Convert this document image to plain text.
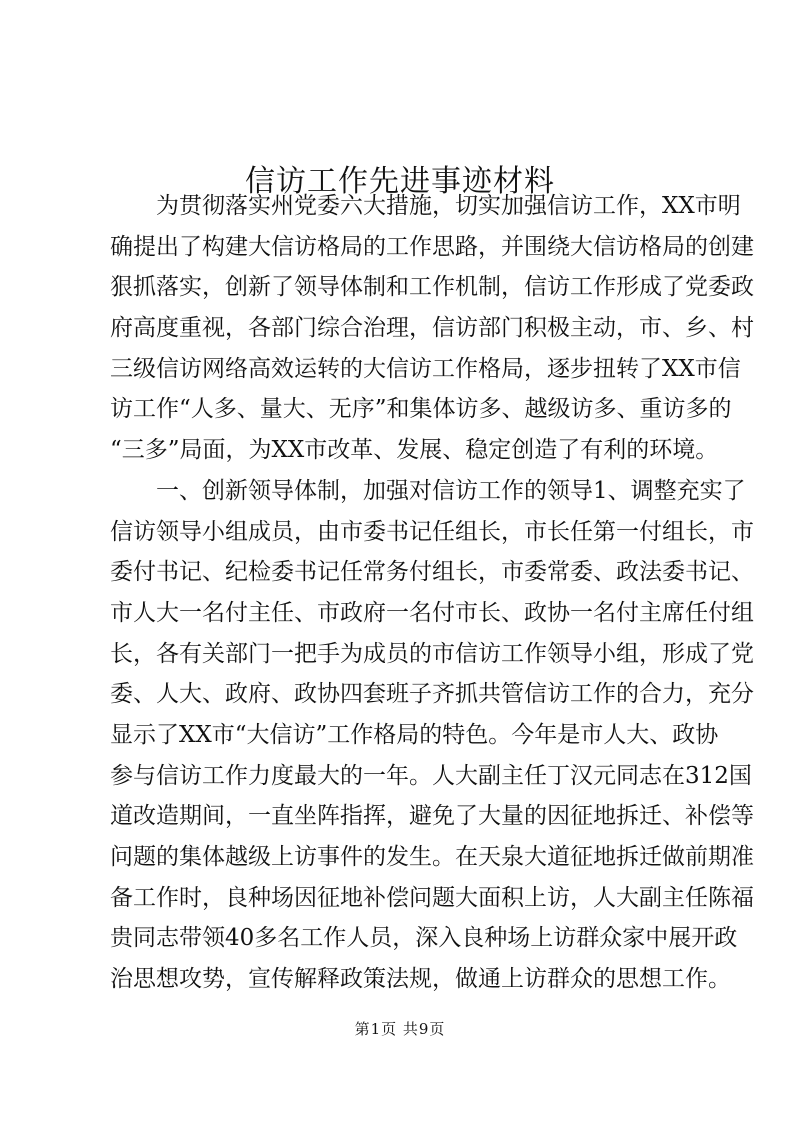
信访工作先进事迹材料
　　为贯彻落实州党委六大措施，切实加强信访工作，XX市明
确提出了构建大信访格局的工作思路，并围绕大信访格局的创建
狠抓落实，创新了领导体制和工作机制，信访工作形成了党委政
府高度重视，各部门综合治理，信访部门积极主动，市、乡、村
三级信访网络高效运转的大信访工作格局，逐步扭转了XX市信
访工作“人多、量大、无序”和集体访多、越级访多、重访多的
“三多”局面，为XX市改革、发展、稳定创造了有利的环境。
　　一、创新领导体制，加强对信访工作的领导1、调整充实了
信访领导小组成员，由市委书记任组长，市长任第一付组长，市
委付书记、纪检委书记任常务付组长，市委常委、政法委书记、
市人大一名付主任、市政府一名付市长、政协一名付主席任付组
长，各有关部门一把手为成员的市信访工作领导小组，形成了党
委、人大、政府、政协四套班子齐抓共管信访工作的合力，充分
显示了XX市“大信访”工作格局的特色。今年是市人大、政协
参与信访工作力度最大的一年。人大副主任丁汉元同志在312国
道改造期间，一直坐阵指挥，避免了大量的因征地拆迁、补偿等
问题的集体越级上访事件的发生。在天泉大道征地拆迁做前期准
备工作时，良种场因征地补偿问题大面积上访，人大副主任陈福
贵同志带领40多名工作人员，深入良种场上访群众家中展开政
治思想攻势，宣传解释政策法规，做通上访群众的思想工作。
第1页 共9页
